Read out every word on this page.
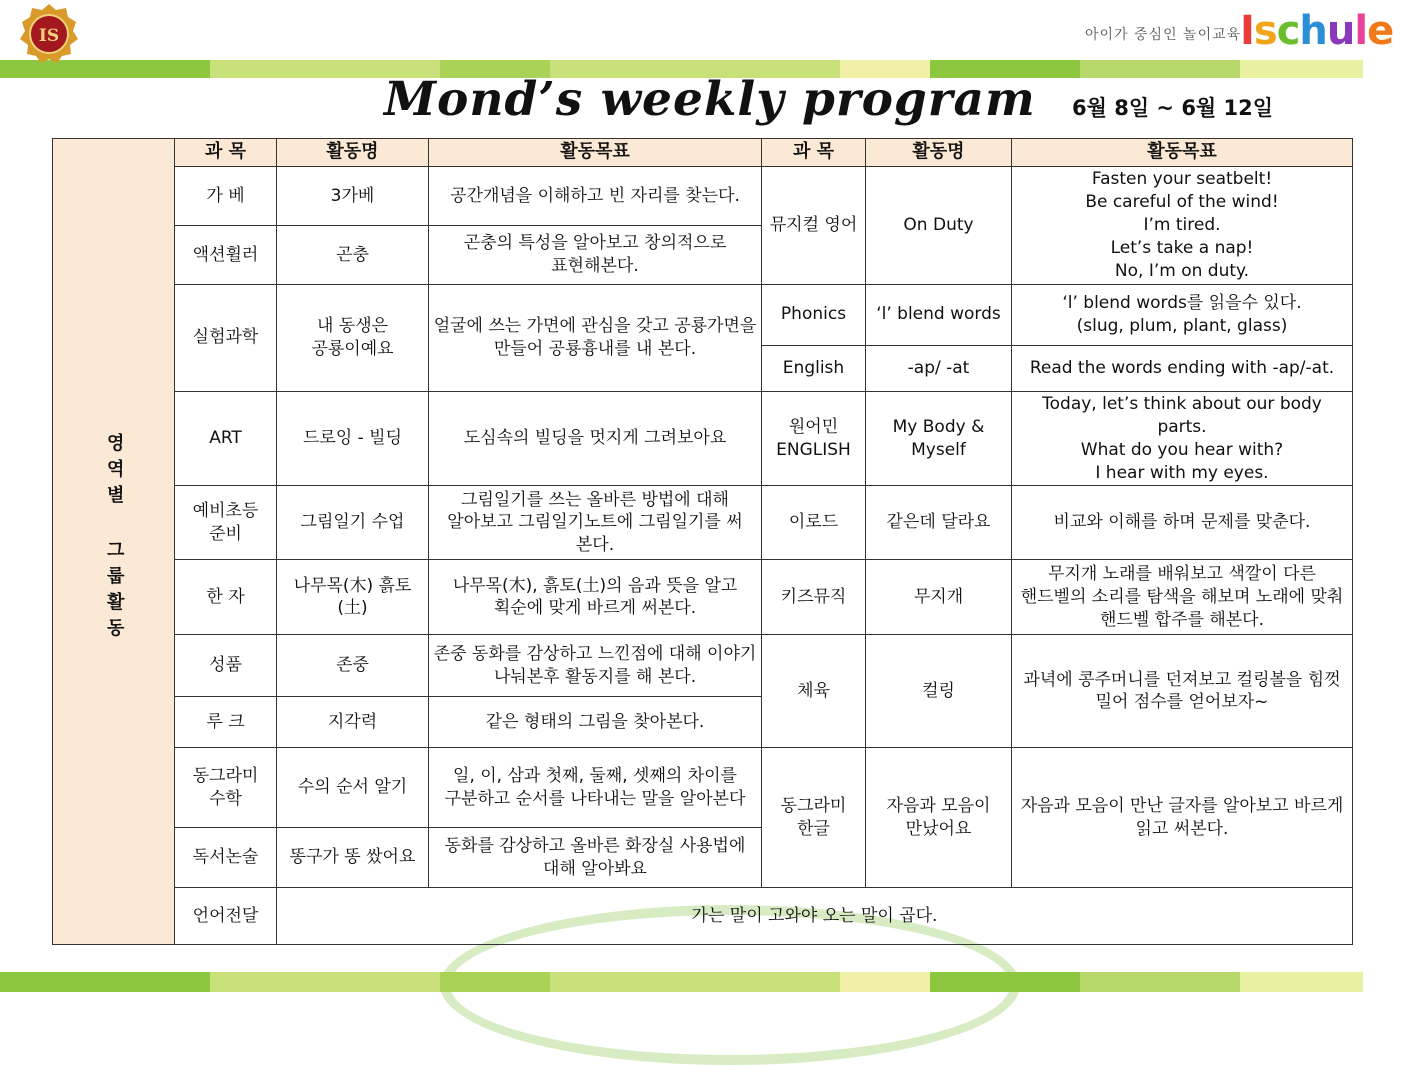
IS	아이가 중심인 놀이교육
Ischule
Mond’s weekly program 6월 8일 ~ 6월 12일
영역별 그룹활동	과 목	활동명	활동목표	과 목	활동명	활동목표
	가 베	3가베	공간개념을 이해하고 빈 자리를 찾는다.	뮤지컬 영어	On Duty	Fasten your seatbelt!
Be careful of the wind!
I’m tired.
Let’s take a nap!
No, I’m on duty.

	액션휠러	곤충	곤충의 특성을 알아보고 창의적으로 표현해본다.			
	실험과학	내 동생은 공룡이예요	얼굴에 쓰는 가면에 관심을 갖고 공룡가면을 만들어 공룡흉내를 내 본다.	Phonics	‘l’ blend words	‘l’ blend words를 읽을수 있다.
(slug, plum, plant, glass)

				English	-ap/ -at	Read the words ending with -ap/-at.
	ART	드로잉 - 빌딩	도심속의 빌딩을 멋지게 그려보아요	원어민 ENGLISH	My Body & Myself	Today, let’s think about our body parts.
What do you hear with?
I hear with my eyes.

	예비초등 준비	그림일기 수업	그림일기를 쓰는 올바른 방법에 대해 알아보고 그림일기노트에 그림일기를 써 본다.	이로드	같은데 달라요	비교와 이해를 하며 문제를 맞춘다.
	한 자	나무목(木) 흙토(土)	나무목(木), 흙토(土)의 음과 뜻을 알고 획순에 맞게 바르게 써본다.	키즈뮤직	무지개	무지개 노래를 배워보고 색깔이 다른 핸드벨의 소리를 탐색을 해보며 노래에 맞춰 핸드벨 합주를 해본다.
	성품	존중	존중 동화를 감상하고 느낀점에 대해 이야기 나눠본후 활동지를 해 본다.	체육	컬링	과녁에 콩주머니를 던져보고 컬링볼을 힘껏 밀어 점수를 얻어보자~
	루 크	지각력	같은 형태의 그림을 찾아본다.			
	동그라미 수학	수의 순서 알기	일, 이, 삼과 첫째, 둘째, 셋째의 차이를 구분하고 순서를 나타내는 말을 알아본다	동그라미 한글	자음과 모음이 만났어요	자음과 모음이 만난 글자를 알아보고 바르게 읽고 써본다.
	독서논술	똥구가 똥 쌌어요	동화를 감상하고 올바른 화장실 사용법에 대해 알아봐요			
	언어전달	가는 말이 고와야 오는 말이 곱다.				
